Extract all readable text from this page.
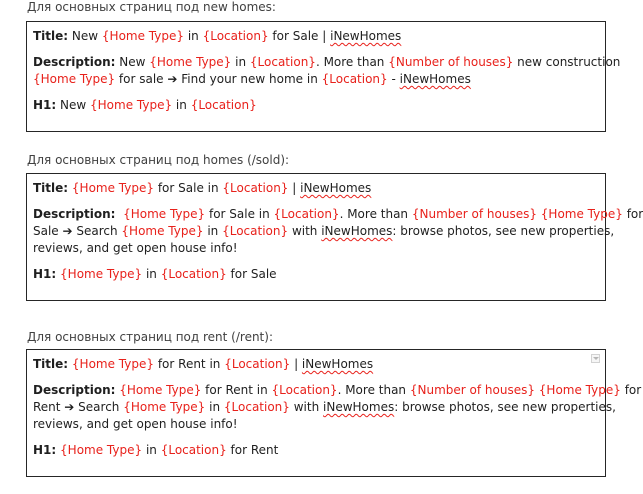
Для основных страниц под new homes:
Title: New {Home Type} in {Location} for Sale | iNewHomes
Description: New {Home Type} in {Location}. More than {Number of houses} new construction
{Home Type} for sale ➔ Find your new home in {Location} - iNewHomes
H1: New {Home Type} in {Location}
Для основных страниц под homes (/sold):
Title: {Home Type} for Sale in {Location} | iNewHomes
Description: {Home Type} for Sale in {Location}. More than {Number of houses} {Home Type} for
Sale ➔ Search {Home Type} in {Location} with iNewHomes: browse photos, see new properties,
reviews, and get open house info!
H1: {Home Type} in {Location} for Sale
Для основных страниц под rent (/rent):
Title: {Home Type} for Rent in {Location} | iNewHomes
Description: {Home Type} for Rent in {Location}. More than {Number of houses} {Home Type} for
Rent ➔ Search {Home Type} in {Location} with iNewHomes: browse photos, see new properties,
reviews, and get open house info!
H1: {Home Type} in {Location} for Rent
